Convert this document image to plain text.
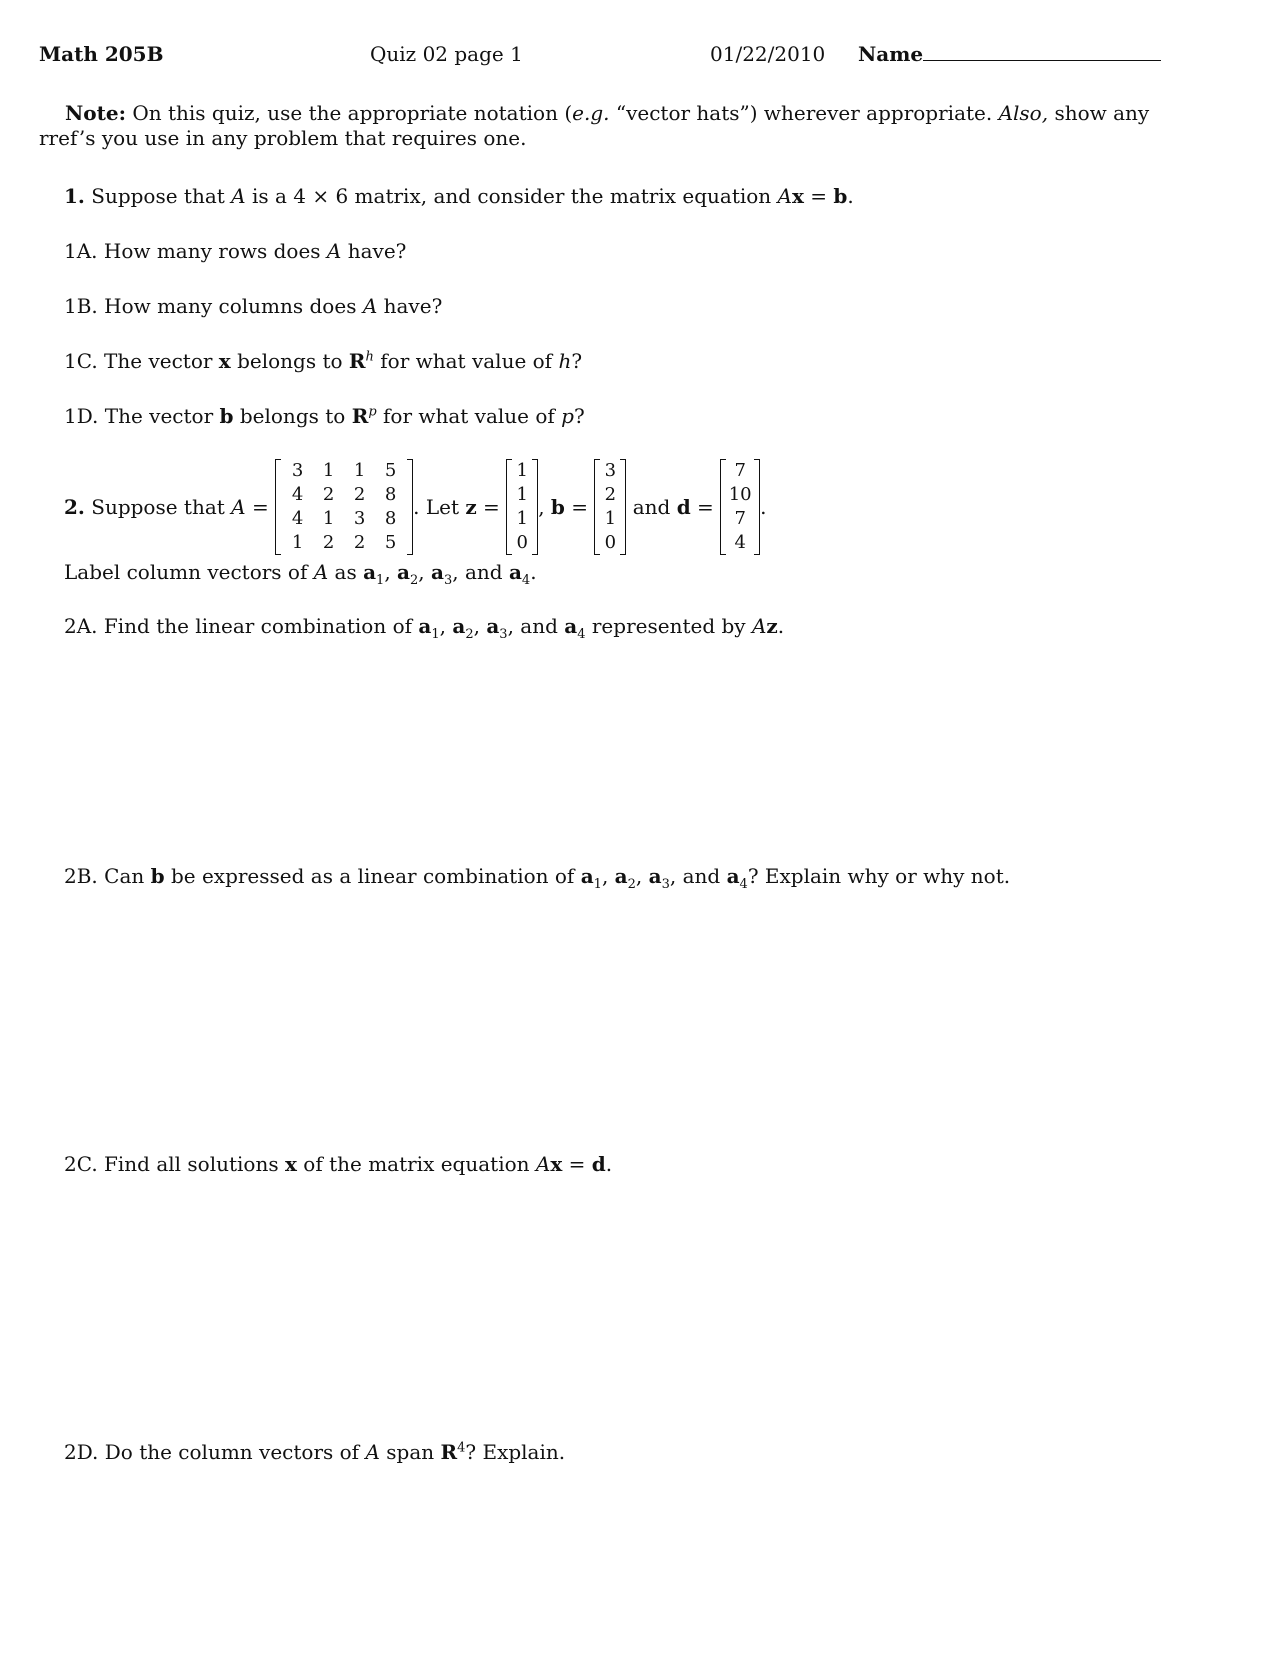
Math 205B	Quiz 02 page 1	01/22/2010 Name
Note: On this quiz, use the appropriate notation (e.g. “vector hats”) wherever appropriate. Also, show any rref’s you use in any problem that requires one.
1. Suppose that A is a 4 × 6 matrix, and consider the matrix equation Ax = b.
1A. How many rows does A have?
1B. How many columns does A have?
1C. The vector x belongs to $R^h$ for what value of h?
1D. The vector b belongs to $R^p$ for what value of p?
2. Suppose that A =
3	1	1	5
4	2	2	8
4	1	3	8
1	2	2	5
. Let z =
1
1
1
0
, b =
3
2
1
0
and d =
7
10
7
4
.
Label column vectors of A as $a_1$, $a_2$, $a_3$, and $a_4$.
2A. Find the linear combination of $a_1$, $a_2$, $a_3$, and $a_4$ represented by Az.
2B. Can b be expressed as a linear combination of $a_1$, $a_2$, $a_3$, and $a_4$? Explain why or why not.
2C. Find all solutions x of the matrix equation Ax = d.
2D. Do the column vectors of A span $R^4$? Explain.
